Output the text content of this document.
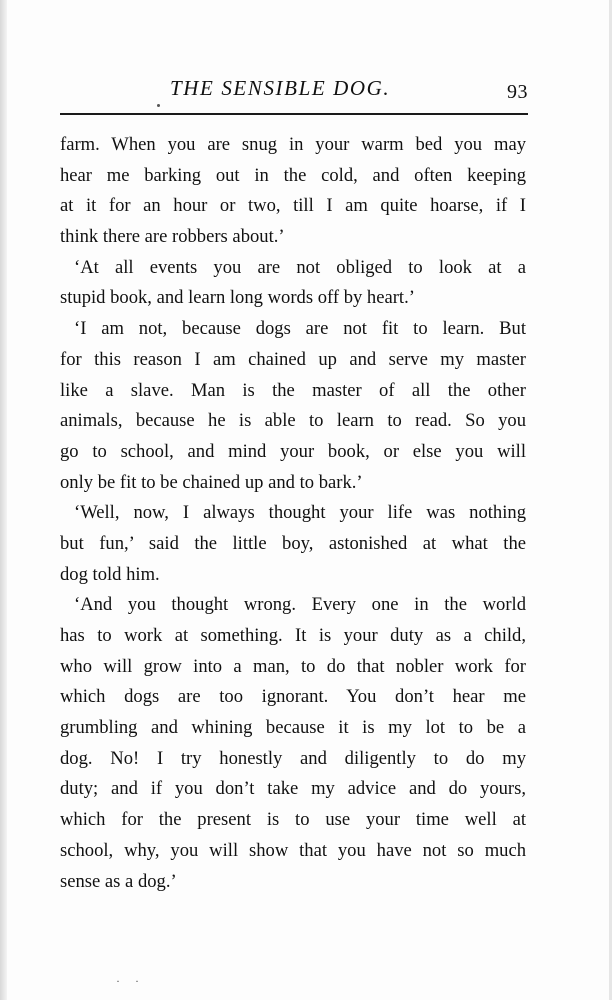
THE SENSIBLE DOG.	93
farm. When you are snug in your warm bed you may
hear me barking out in the cold, and often keeping
at it for an hour or two, till I am quite hoarse, if I
think there are robbers about.’
‘At all events you are not obliged to look at a
stupid book, and learn long words off by heart.’
‘I am not, because dogs are not fit to learn. But
for this reason I am chained up and serve my master
like a slave. Man is the master of all the other
animals, because he is able to learn to read. So you
go to school, and mind your book, or else you will
only be fit to be chained up and to bark.’
‘Well, now, I always thought your life was nothing
but fun,’ said the little boy, astonished at what the
dog told him.
‘And you thought wrong. Every one in the world
has to work at something. It is your duty as a child,
who will grow into a man, to do that nobler work for
which dogs are too ignorant. You don’t hear me
grumbling and whining because it is my lot to be a
dog. No! I try honestly and diligently to do my
duty; and if you don’t take my advice and do yours,
which for the present is to use your time well at
school, why, you will show that you have not so much
sense as a dog.’
· ·
